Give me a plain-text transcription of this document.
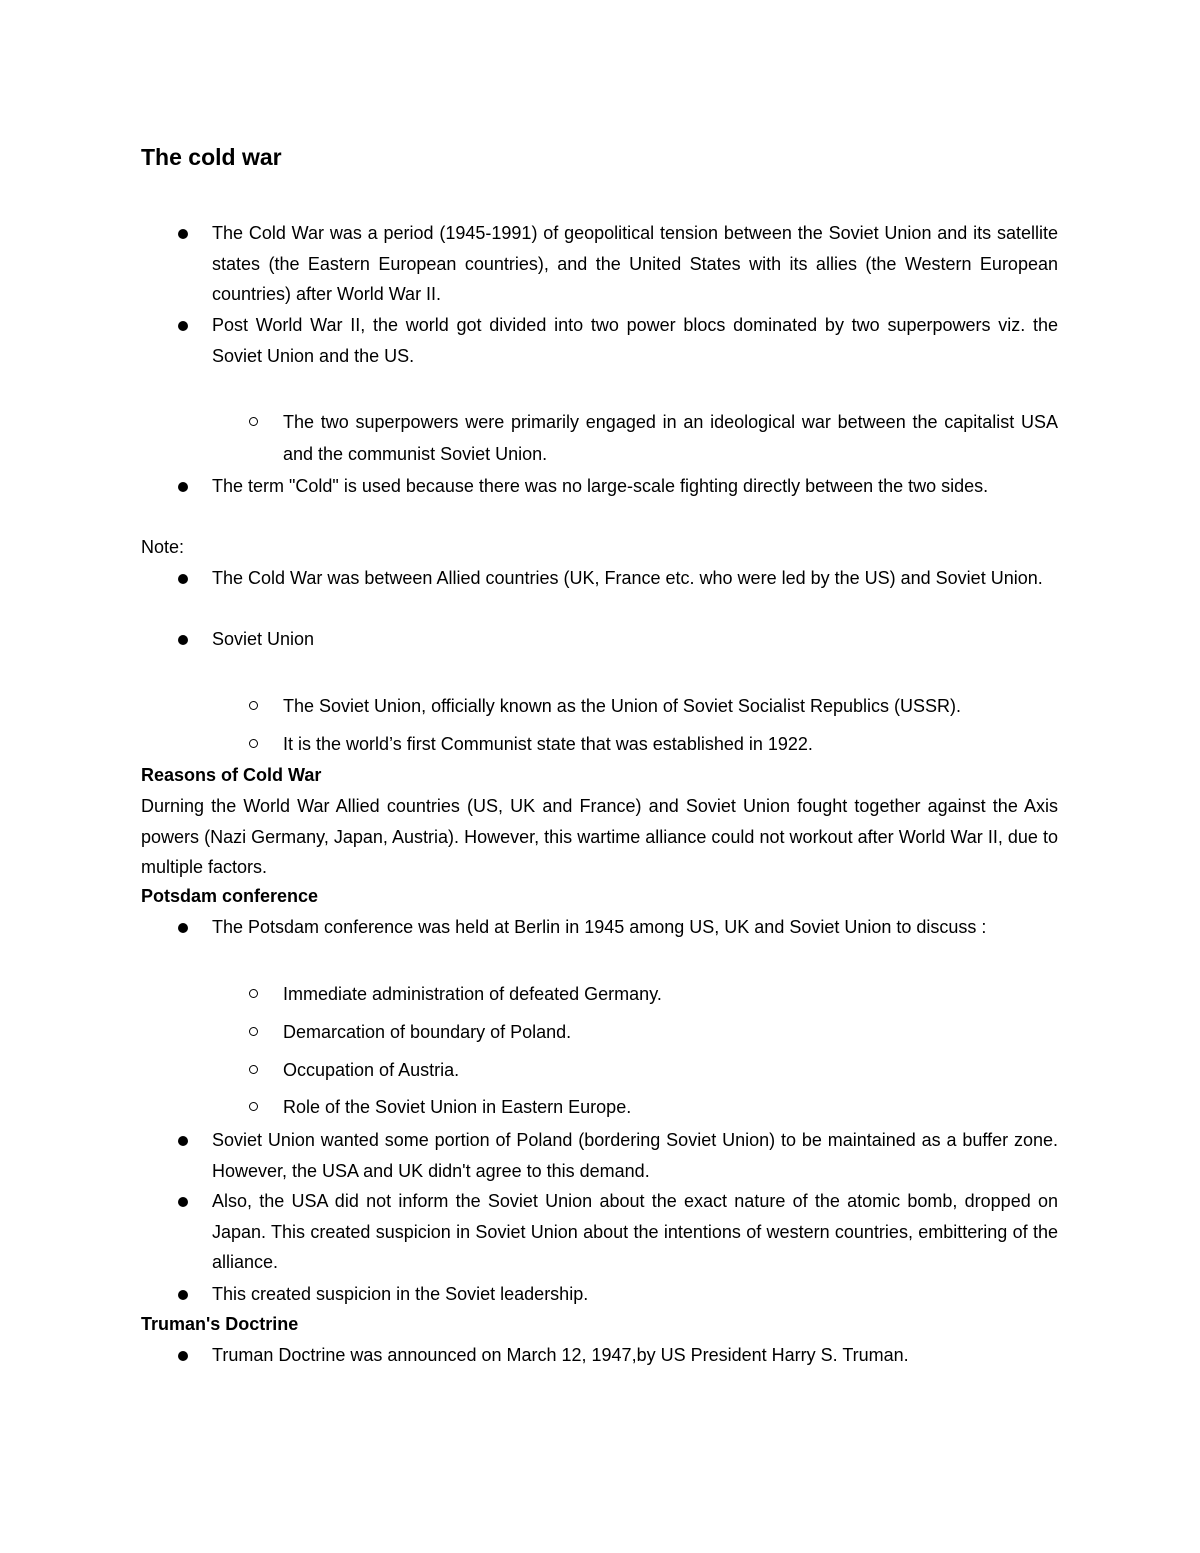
The cold war

The Cold War was a period (1945-1991) of geopolitical tension between the Soviet Union and its satellite states (the Eastern European countries), and the United States with its allies (the Western European countries) after World War II.

Post World War II, the world got divided into two power blocs dominated by two superpowers viz. the Soviet Union and the US.

The two superpowers were primarily engaged in an ideological war between the capitalist USA and the communist Soviet Union.

The term "Cold" is used because there was no large-scale fighting directly between the two sides.

Note:

The Cold War was between Allied countries (UK, France etc. who were led by the US) and Soviet Union.

Soviet Union

The Soviet Union, officially known as the Union of Soviet Socialist Republics (USSR).

It is the world’s first Communist state that was established in 1922.

Reasons of Cold War

Durning the World War Allied countries (US, UK and France) and Soviet Union fought together against the Axis powers (Nazi Germany, Japan, Austria). However, this wartime alliance could not workout after World War II, due to multiple factors.

Potsdam conference

The Potsdam conference was held at Berlin in 1945 among US, UK and Soviet Union to discuss :

Immediate administration of defeated Germany.

Demarcation of boundary of Poland.

Occupation of Austria.

Role of the Soviet Union in Eastern Europe.

Soviet Union wanted some portion of Poland (bordering Soviet Union) to be maintained as a buffer zone. However, the USA and UK didn't agree to this demand.

Also, the USA did not inform the Soviet Union about the exact nature of the atomic bomb, dropped on Japan. This created suspicion in Soviet Union about the intentions of western countries, embittering of the alliance.

This created suspicion in the Soviet leadership.

Truman's Doctrine

Truman Doctrine was announced on March 12, 1947,by US President Harry S. Truman.
